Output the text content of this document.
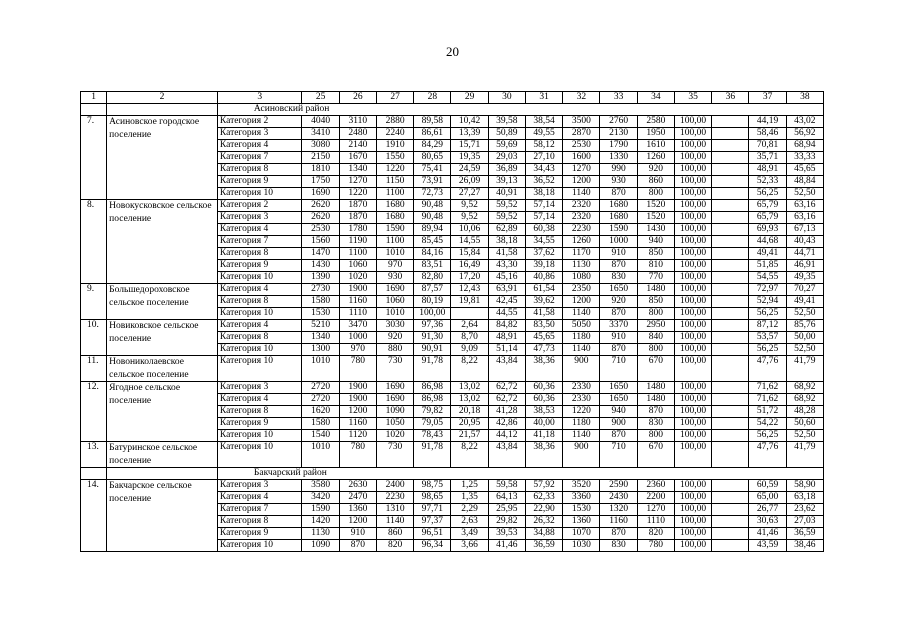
20
1	2	3	25	26	27	28	29	30	31	32	33	34	35	36	37	38
		Асиновский район														
7.	Асиновское городское поселение	Категория 2	4040	3110	2880	89,58	10,42	39,58	38,54	3500	2760	2580	100,00		44,19	43,02
		Категория 3	3410	2480	2240	86,61	13,39	50,89	49,55	2870	2130	1950	100,00		58,46	56,92
		Категория 4	3080	2140	1910	84,29	15,71	59,69	58,12	2530	1790	1610	100,00		70,81	68,94
		Категория 7	2150	1670	1550	80,65	19,35	29,03	27,10	1600	1330	1260	100,00		35,71	33,33
		Категория 8	1810	1340	1220	75,41	24,59	36,89	34,43	1270	990	920	100,00		48,91	45,65
		Категория 9	1750	1270	1150	73,91	26,09	39,13	36,52	1200	930	860	100,00		52,33	48,84
		Категория 10	1690	1220	1100	72,73	27,27	40,91	38,18	1140	870	800	100,00		56,25	52,50
8.	Новокусковское сельское поселение	Категория 2	2620	1870	1680	90,48	9,52	59,52	57,14	2320	1680	1520	100,00		65,79	63,16
		Категория 3	2620	1870	1680	90,48	9,52	59,52	57,14	2320	1680	1520	100,00		65,79	63,16
		Категория 4	2530	1780	1590	89,94	10,06	62,89	60,38	2230	1590	1430	100,00		69,93	67,13
		Категория 7	1560	1190	1100	85,45	14,55	38,18	34,55	1260	1000	940	100,00		44,68	40,43
		Категория 8	1470	1100	1010	84,16	15,84	41,58	37,62	1170	910	850	100,00		49,41	44,71
		Категория 9	1430	1060	970	83,51	16,49	43,30	39,18	1130	870	810	100,00		51,85	46,91
		Категория 10	1390	1020	930	82,80	17,20	45,16	40,86	1080	830	770	100,00		54,55	49,35
9.	Большедороховское сельское поселение	Категория 4	2730	1900	1690	87,57	12,43	63,91	61,54	2350	1650	1480	100,00		72,97	70,27
		Категория 8	1580	1160	1060	80,19	19,81	42,45	39,62	1200	920	850	100,00		52,94	49,41
		Категория 10	1530	1110	1010	100,00		44,55	41,58	1140	870	800	100,00		56,25	52,50
10.	Новиковское сельское поселение	Категория 4	5210	3470	3030	97,36	2,64	84,82	83,50	5050	3370	2950	100,00		87,12	85,76
		Категория 8	1340	1000	920	91,30	8,70	48,91	45,65	1180	910	840	100,00		53,57	50,00
		Категория 10	1300	970	880	90,91	9,09	51,14	47,73	1140	870	800	100,00		56,25	52,50
11.	Новониколаевское сельское поселение	Категория 10	1010	780	730	91,78	8,22	43,84	38,36	900	710	670	100,00		47,76	41,79
12.	Ягодное сельское поселение	Категория 3	2720	1900	1690	86,98	13,02	62,72	60,36	2330	1650	1480	100,00		71,62	68,92
		Категория 4	2720	1900	1690	86,98	13,02	62,72	60,36	2330	1650	1480	100,00		71,62	68,92
		Категория 8	1620	1200	1090	79,82	20,18	41,28	38,53	1220	940	870	100,00		51,72	48,28
		Категория 9	1580	1160	1050	79,05	20,95	42,86	40,00	1180	900	830	100,00		54,22	50,60
		Категория 10	1540	1120	1020	78,43	21,57	44,12	41,18	1140	870	800	100,00		56,25	52,50
13.	Батуринское сельское поселение	Категория 10	1010	780	730	91,78	8,22	43,84	38,36	900	710	670	100,00		47,76	41,79
		Бакчарский район														
14.	Бакчарское сельское поселение	Категория 3	3580	2630	2400	98,75	1,25	59,58	57,92	3520	2590	2360	100,00		60,59	58,90
		Категория 4	3420	2470	2230	98,65	1,35	64,13	62,33	3360	2430	2200	100,00		65,00	63,18
		Категория 7	1590	1360	1310	97,71	2,29	25,95	22,90	1530	1320	1270	100,00		26,77	23,62
		Категория 8	1420	1200	1140	97,37	2,63	29,82	26,32	1360	1160	1110	100,00		30,63	27,03
		Категория 9	1130	910	860	96,51	3,49	39,53	34,88	1070	870	820	100,00		41,46	36,59
		Категория 10	1090	870	820	96,34	3,66	41,46	36,59	1030	830	780	100,00		43,59	38,46
